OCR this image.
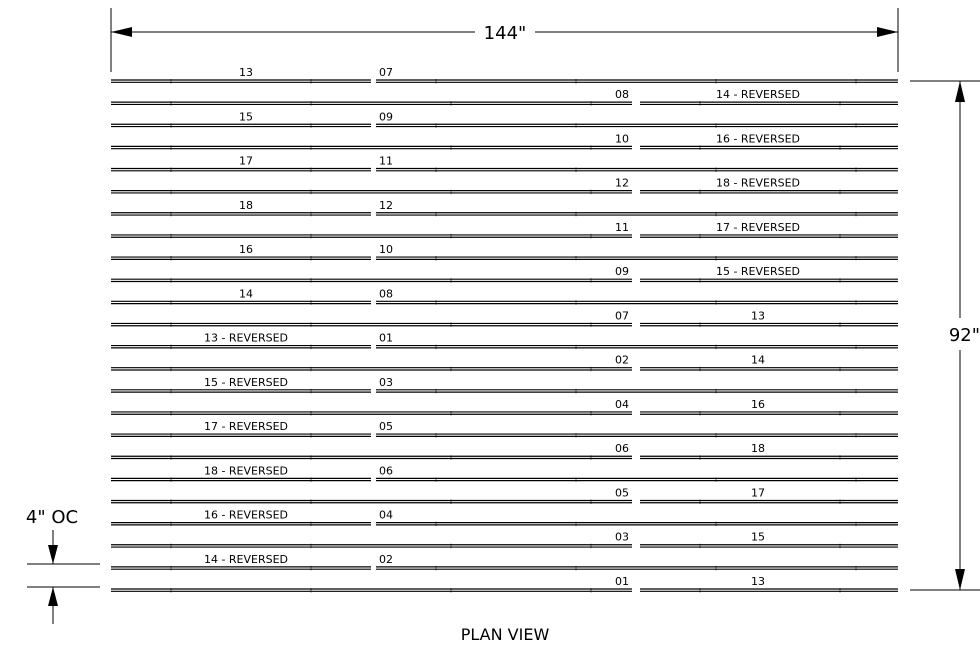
144"
92"
4" OC
13	07
08	14 - REVERSED
15	09
10	16 - REVERSED
17	11
12	18 - REVERSED
18	12
11	17 - REVERSED
16	10
09	15 - REVERSED
14	08
07	13
13 - REVERSED	01
02	14
15 - REVERSED	03
04	16
17 - REVERSED	05
06	18
18 - REVERSED	06
05	17
16 - REVERSED	04
03	15
14 - REVERSED	02
01	13
PLAN VIEW
